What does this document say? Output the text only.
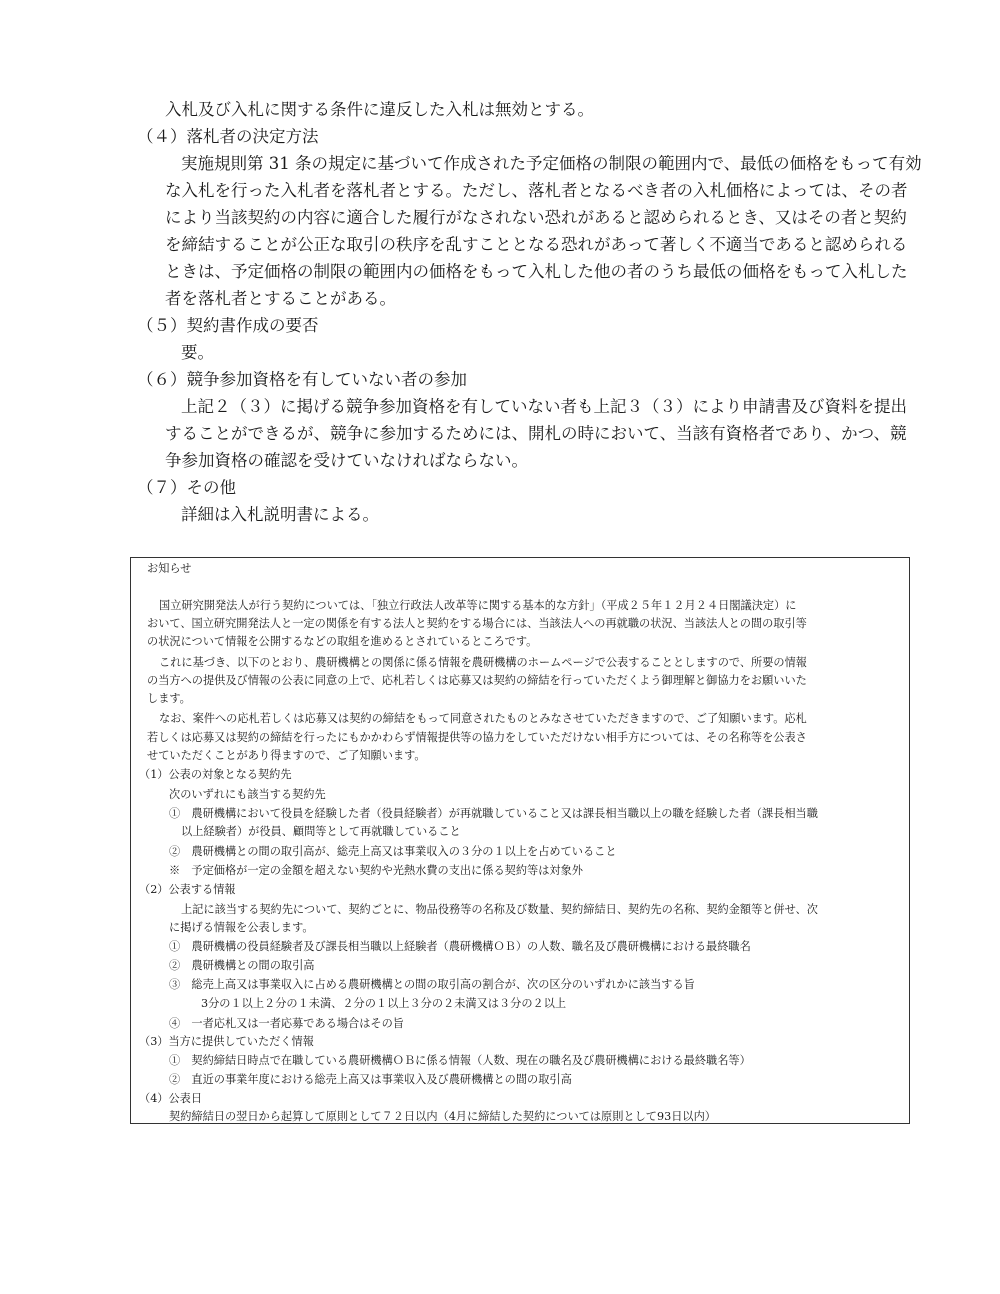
入札及び入札に関する条件に違反した入札は無効とする。
（４）落札者の決定方法
実施規則第 31 条の規定に基づいて作成された予定価格の制限の範囲内で、最低の価格をもって有効
な入札を行った入札者を落札者とする。ただし、落札者となるべき者の入札価格によっては、その者
により当該契約の内容に適合した履行がなされない恐れがあると認められるとき、又はその者と契約
を締結することが公正な取引の秩序を乱すこととなる恐れがあって著しく不適当であると認められる
ときは、予定価格の制限の範囲内の価格をもって入札した他の者のうち最低の価格をもって入札した
者を落札者とすることがある。
（５）契約書作成の要否
要。
（６）競争参加資格を有していない者の参加
上記２（３）に掲げる競争参加資格を有していない者も上記３（３）により申請書及び資料を提出
することができるが、競争に参加するためには、開札の時において、当該有資格者であり、かつ、競
争参加資格の確認を受けていなければならない。
（７）その他
詳細は入札説明書による。
お知らせ
国立研究開発法人が行う契約については、「独立行政法人改革等に関する基本的な方針」（平成２５年１２月２４日閣議決定）に
おいて、国立研究開発法人と一定の関係を有する法人と契約をする場合には、当該法人への再就職の状況、当該法人との間の取引等
の状況について情報を公開するなどの取組を進めるとされているところです。
これに基づき、以下のとおり、農研機構との関係に係る情報を農研機構のホームページで公表することとしますので、所要の情報
の当方への提供及び情報の公表に同意の上で、応札若しくは応募又は契約の締結を行っていただくよう御理解と御協力をお願いいた
します。
なお、案件への応札若しくは応募又は契約の締結をもって同意されたものとみなさせていただきますので、ご了知願います。応札
若しくは応募又は契約の締結を行ったにもかかわらず情報提供等の協力をしていただけない相手方については、その名称等を公表さ
せていただくことがあり得ますので、ご了知願います。
（1）公表の対象となる契約先
次のいずれにも該当する契約先
①　農研機構において役員を経験した者（役員経験者）が再就職していること又は課長相当職以上の職を経験した者（課長相当職
以上経験者）が役員、顧問等として再就職していること
②　農研機構との間の取引高が、総売上高又は事業収入の３分の１以上を占めていること
※　予定価格が一定の金額を超えない契約や光熱水費の支出に係る契約等は対象外
（2）公表する情報
上記に該当する契約先について、契約ごとに、物品役務等の名称及び数量、契約締結日、契約先の名称、契約金額等と併せ、次
に掲げる情報を公表します。
①　農研機構の役員経験者及び課長相当職以上経験者（農研機構ＯＢ）の人数、職名及び農研機構における最終職名
②　農研機構との間の取引高
③　総売上高又は事業収入に占める農研機構との間の取引高の割合が、次の区分のいずれかに該当する旨
3分の１以上２分の１未満、２分の１以上３分の２未満又は３分の２以上
④　一者応札又は一者応募である場合はその旨
（3）当方に提供していただく情報
①　契約締結日時点で在職している農研機構ＯＢに係る情報（人数、現在の職名及び農研機構における最終職名等）
②　直近の事業年度における総売上高又は事業収入及び農研機構との間の取引高
（4）公表日
契約締結日の翌日から起算して原則として７２日以内（4月に締結した契約については原則として93日以内）
